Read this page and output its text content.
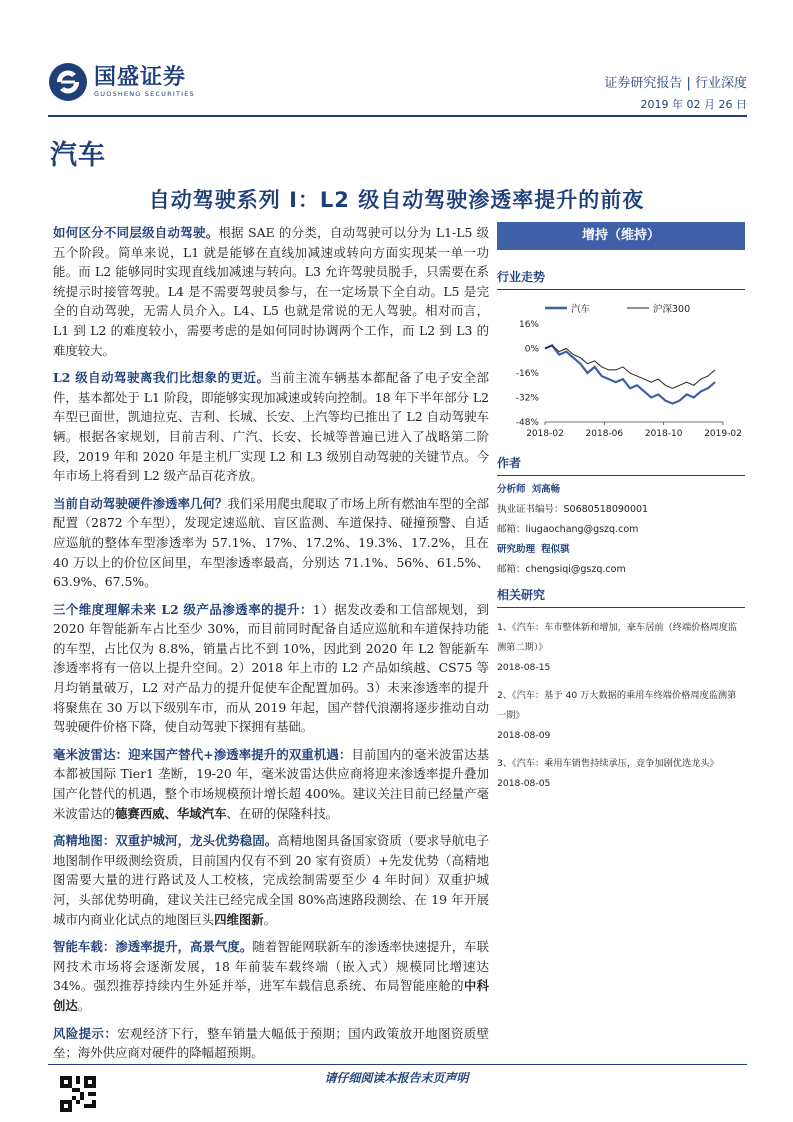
国盛证券
GUOSHENG SECURITIES
证券研究报告 | 行业深度
2019 年 02 月 26 日
汽车
自动驾驶系列 I：L2 级自动驾驶渗透率提升的前夜

如何区分不同层级自动驾驶。根据 SAE 的分类，自动驾驶可以分为 L1-L5 级五个阶段。简单来说，L1 就是能够在直线加减速或转向方面实现某一单一功能。而 L2 能够同时实现直线加减速与转向。L3 允许驾驶员脱手，只需要在系统提示时接管驾驶。L4 是不需要驾驶员参与，在一定场景下全自动。L5 是完全的自动驾驶，无需人员介入。L4、L5 也就是常说的无人驾驶。相对而言，L1 到 L2 的难度较小，需要考虑的是如何同时协调两个工作，而 L2 到 L3 的难度较大。

L2 级自动驾驶离我们比想象的更近。当前主流车辆基本都配备了电子安全部件，基本都处于 L1 阶段，即能够实现加减速或转向控制。18 年下半年部分 L2 车型已面世，凯迪拉克、吉利、长城、长安、上汽等均已推出了 L2 自动驾驶车辆。根据各家规划，目前吉利、广汽、长安、长城等普遍已进入了战略第二阶段，2019 年和 2020 年是主机厂实现 L2 和 L3 级别自动驾驶的关键节点。今年市场上将看到 L2 级产品百花齐放。

当前自动驾驶硬件渗透率几何？我们采用爬虫爬取了市场上所有燃油车型的全部配置（2872 个车型），发现定速巡航、盲区监测、车道保持、碰撞预警、自适应巡航的整体车型渗透率为 57.1%、17%、17.2%、19.3%、17.2%，且在 40 万以上的价位区间里，车型渗透率最高，分别达 71.1%、56%、61.5%、63.9%、67.5%。

三个维度理解未来 L2 级产品渗透率的提升：1）据发改委和工信部规划，到 2020 年智能新车占比至少 30%，而目前同时配备自适应巡航和车道保持功能的车型，占比仅为 8.8%，销量占比不到 10%，因此到 2020 年 L2 智能新车渗透率将有一倍以上提升空间。2）2018 年上市的 L2 产品如缤越、CS75 等月均销量破万，L2 对产品力的提升促使车企配置加码。3）未来渗透率的提升将聚焦在 30 万以下级别车市，而从 2019 年起，国产替代浪潮将逐步推动自动驾驶硬件价格下降，使自动驾驶下探拥有基础。

毫米波雷达：迎来国产替代+渗透率提升的双重机遇：目前国内的毫米波雷达基本都被国际 Tier1 垄断，19-20 年，毫米波雷达供应商将迎来渗透率提升叠加国产化替代的机遇，整个市场规模预计增长超 400%。建议关注目前已经量产毫米波雷达的德赛西威、华域汽车、在研的保隆科技。

高精地图：双重护城河，龙头优势稳固。高精地图具备国家资质（要求导航电子地图制作甲级测绘资质，目前国内仅有不到 20 家有资质）+先发优势（高精地图需要大量的进行路试及人工校核，完成绘制需要至少 4 年时间）双重护城河，头部优势明确，建议关注已经完成全国 80%高速路段测绘、在 19 年开展城市内商业化试点的地图巨头四维图新。

智能车载：渗透率提升，高景气度。随着智能网联新车的渗透率快速提升，车联网技术市场将会逐渐发展，18 年前装车载终端（嵌入式）规模同比增速达 34%。强烈推荐持续内生外延并举，进军车载信息系统、布局智能座舱的中科创达。

风险提示：宏观经济下行，整车销量大幅低于预期；国内政策放开地图资质壁垒；海外供应商对硬件的降幅超预期。

增持（维持）
行业走势
汽车	沪深300
16%
0%
-16%
-32%
-48%
2018-02 2018-06 2018-10 2019-02
作者
分析师 刘高畅
执业证书编号：S0680518090001
邮箱：liugaochang@gszq.com
研究助理 程似骐
邮箱：chengsiqi@gszq.com
相关研究
1、《汽车：车市整体新和增加，豪车居前（终端价格周度监测第二期）》
2018-08-15
2、《汽车：基于 40 万大数据的乘用车终端价格周度监测第一期》
2018-08-09
3、《汽车：乘用车销售持续承压，竞争加剧优选龙头》
2018-08-05
请仔细阅读本报告末页声明
